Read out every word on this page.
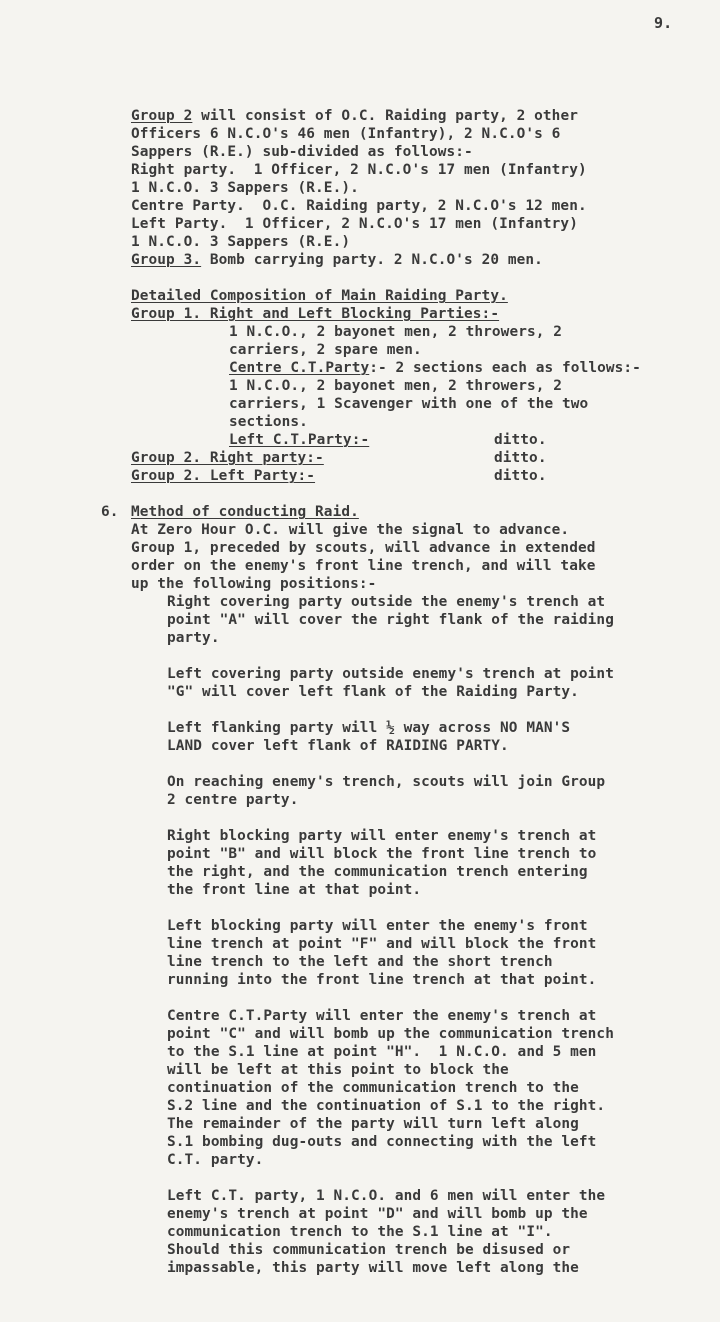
9.
Group 2 will consist of O.C. Raiding party, 2 other
Officers 6 N.C.O's 46 men (Infantry), 2 N.C.O's 6
Sappers (R.E.) sub-divided as follows:-
Right party.  1 Officer, 2 N.C.O's 17 men (Infantry)
1 N.C.O. 3 Sappers (R.E.).
Centre Party.  O.C. Raiding party, 2 N.C.O's 12 men.
Left Party.  1 Officer, 2 N.C.O's 17 men (Infantry)
1 N.C.O. 3 Sappers (R.E.)
Group 3. Bomb carrying party. 2 N.C.O's 20 men.
Detailed Composition of Main Raiding Party.
Group 1. Right and Left Blocking Parties:-
1 N.C.O., 2 bayonet men, 2 throwers, 2
carriers, 2 spare men.
Centre C.T.Party:- 2 sections each as follows:-
1 N.C.O., 2 bayonet men, 2 throwers, 2
carriers, 1 Scavenger with one of the two
sections.
Left C.T.Party:-	ditto.
Group 2. Right party:-	ditto.
Group 2. Left Party:-	ditto.
6. Method of conducting Raid.
At Zero Hour O.C. will give the signal to advance.
Group 1, preceded by scouts, will advance in extended
order on the enemy's front line trench, and will take
up the following positions:-
Right covering party outside the enemy's trench at
point "A" will cover the right flank of the raiding
party.
Left covering party outside enemy's trench at point
"G" will cover left flank of the Raiding Party.
Left flanking party will ½ way across NO MAN'S
LAND cover left flank of RAIDING PARTY.
On reaching enemy's trench, scouts will join Group
2 centre party.
Right blocking party will enter enemy's trench at
point "B" and will block the front line trench to
the right, and the communication trench entering
the front line at that point.
Left blocking party will enter the enemy's front
line trench at point "F" and will block the front
line trench to the left and the short trench
running into the front line trench at that point.
Centre C.T.Party will enter the enemy's trench at
point "C" and will bomb up the communication trench
to the S.1 line at point "H".  1 N.C.O. and 5 men
will be left at this point to block the
continuation of the communication trench to the
S.2 line and the continuation of S.1 to the right.
The remainder of the party will turn left along
S.1 bombing dug-outs and connecting with the left
C.T. party.
Left C.T. party, 1 N.C.O. and 6 men will enter the
enemy's trench at point "D" and will bomb up the
communication trench to the S.1 line at "I".
Should this communication trench be disused or
impassable, this party will move left along the
